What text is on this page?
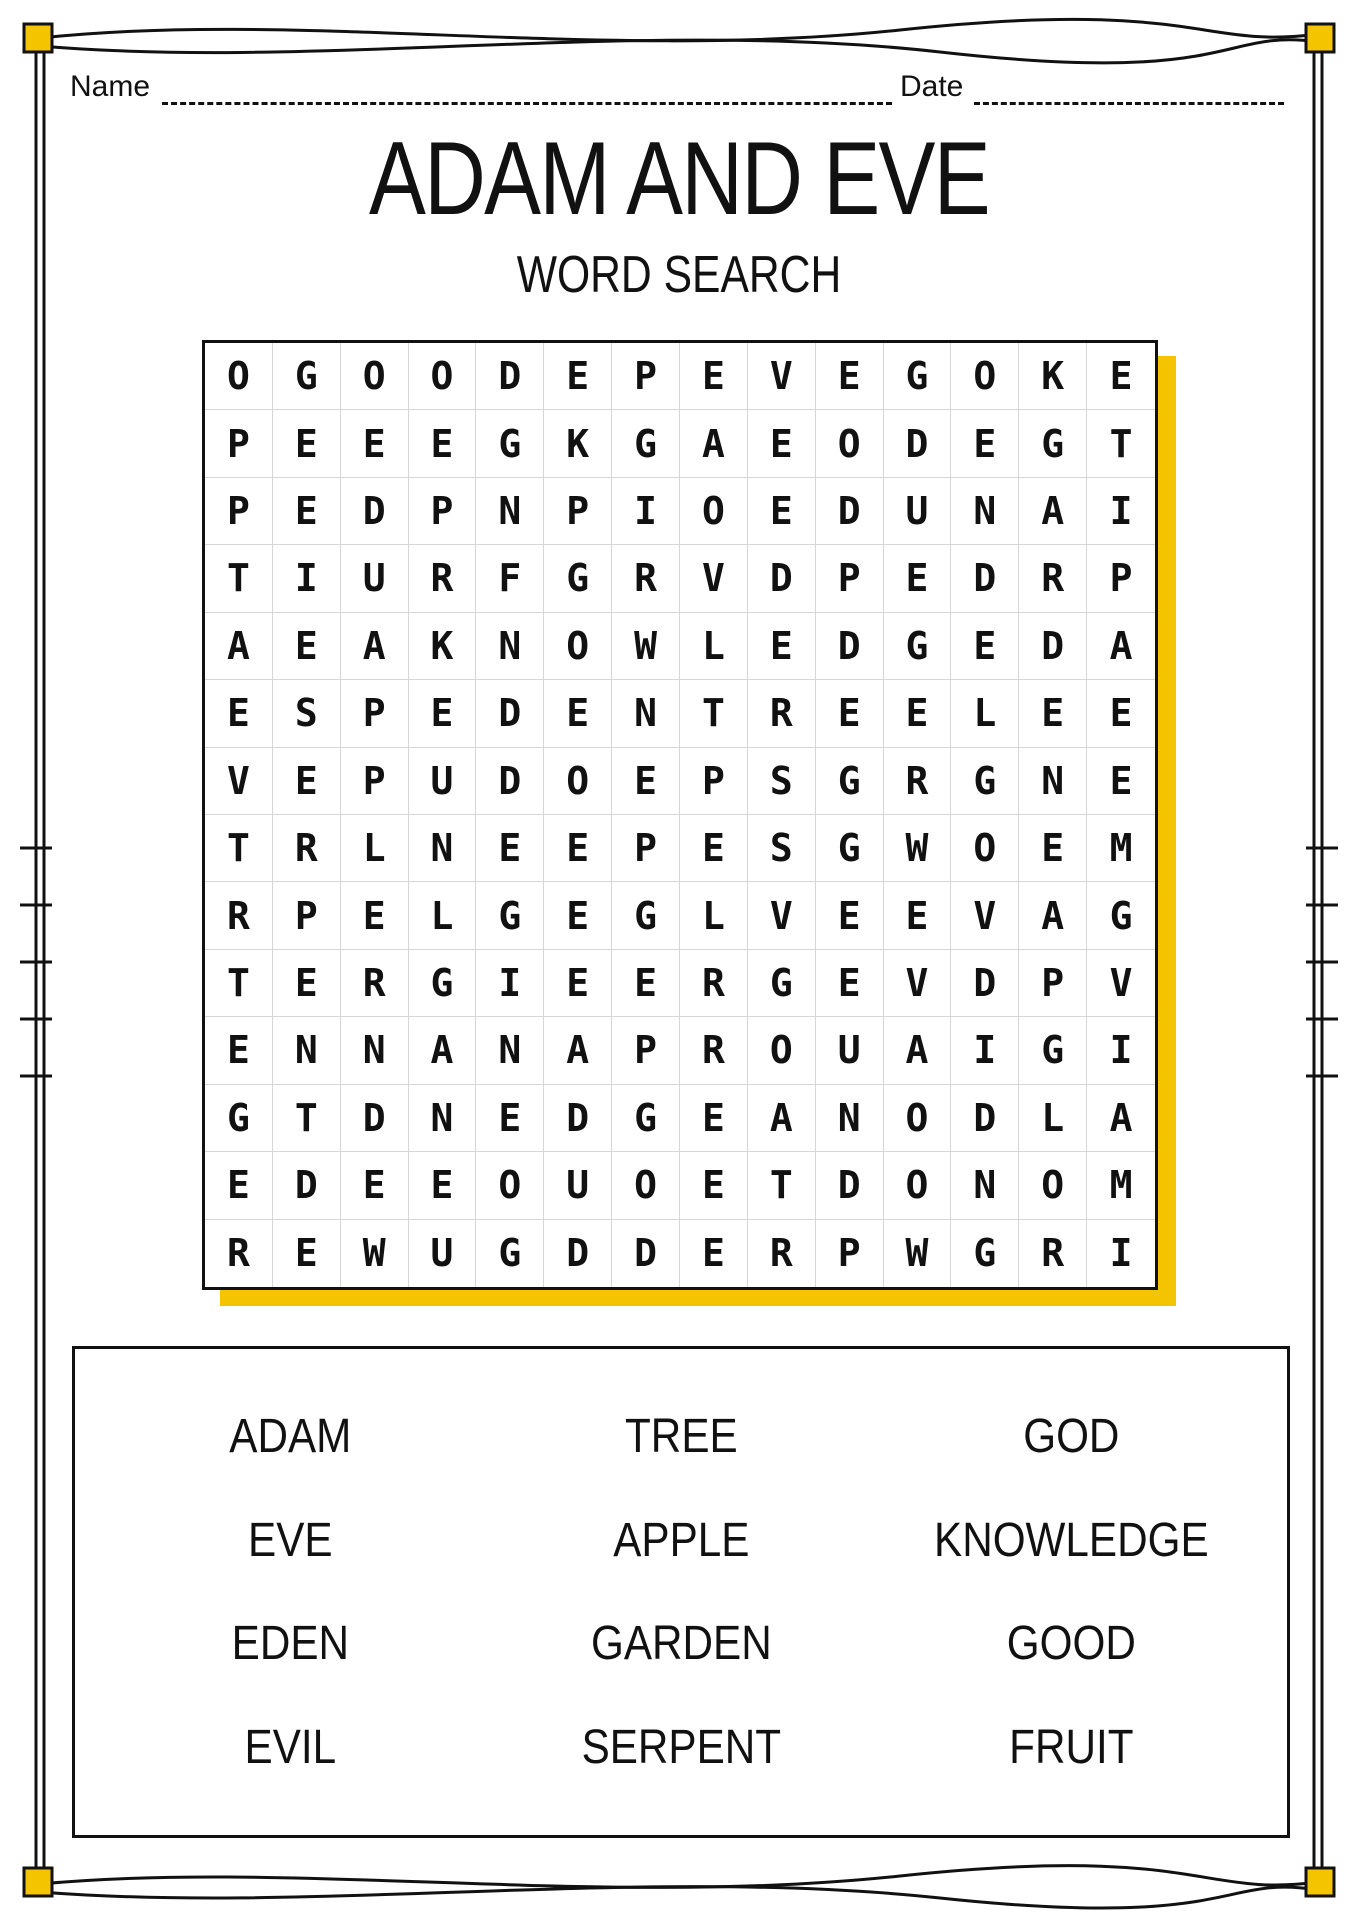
Name	Date
ADAM AND EVE
WORD SEARCH
O	G	O	O	D	E	P	E	V	E	G	O	K	E
P	E	E	E	G	K	G	A	E	O	D	E	G	T
P	E	D	P	N	P	I	O	E	D	U	N	A	I
T	I	U	R	F	G	R	V	D	P	E	D	R	P
A	E	A	K	N	O	W	L	E	D	G	E	D	A
E	S	P	E	D	E	N	T	R	E	E	L	E	E
V	E	P	U	D	O	E	P	S	G	R	G	N	E
T	R	L	N	E	E	P	E	S	G	W	O	E	M
R	P	E	L	G	E	G	L	V	E	E	V	A	G
T	E	R	G	I	E	E	R	G	E	V	D	P	V
E	N	N	A	N	A	P	R	O	U	A	I	G	I
G	T	D	N	E	D	G	E	A	N	O	D	L	A
E	D	E	E	O	U	O	E	T	D	O	N	O	M
R	E	W	U	G	D	D	E	R	P	W	G	R	I
ADAM	TREE	GOD
EVE	APPLE	KNOWLEDGE
EDEN	GARDEN	GOOD
EVIL	SERPENT	FRUIT
